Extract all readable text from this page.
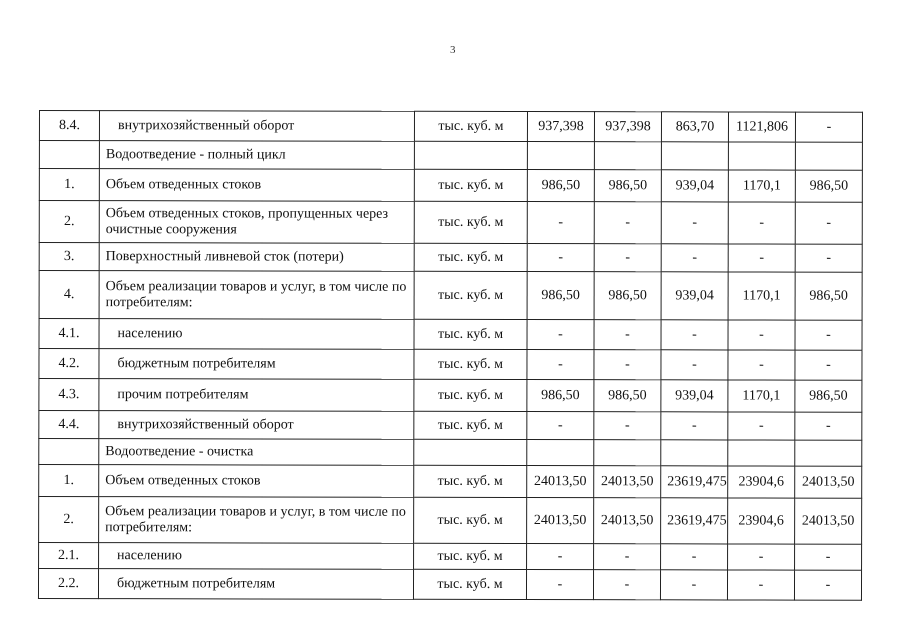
3
8.4.	внутрихозяйственный оборот	тыс. куб. м	937,398	937,398	863,70	1121,806	-
	Водоотведение - полный цикл						
1.	Объем отведенных стоков	тыс. куб. м	986,50	986,50	939,04	1170,1	986,50
2.	Объем отведенных стоков, пропущенных через очистные сооружения	тыс. куб. м	-	-	-	-	-
3.	Поверхностный ливневой сток (потери)	тыс. куб. м	-	-	-	-	-
4.	Объем реализации товаров и услуг, в том числе по потребителям:	тыс. куб. м	986,50	986,50	939,04	1170,1	986,50
4.1.	населению	тыс. куб. м	-	-	-	-	-
4.2.	бюджетным потребителям	тыс. куб. м	-	-	-	-	-
4.3.	прочим потребителям	тыс. куб. м	986,50	986,50	939,04	1170,1	986,50
4.4.	внутрихозяйственный оборот	тыс. куб. м	-	-	-	-	-
	Водоотведение - очистка						
1.	Объем отведенных стоков	тыс. куб. м	24013,50	24013,50	23619,475	23904,6	24013,50
2.	Объем реализации товаров и услуг, в том числе по потребителям:	тыс. куб. м	24013,50	24013,50	23619,475	23904,6	24013,50
2.1.	населению	тыс. куб. м	-	-	-	-	-
2.2.	бюджетным потребителям	тыс. куб. м	-	-	-	-	-
